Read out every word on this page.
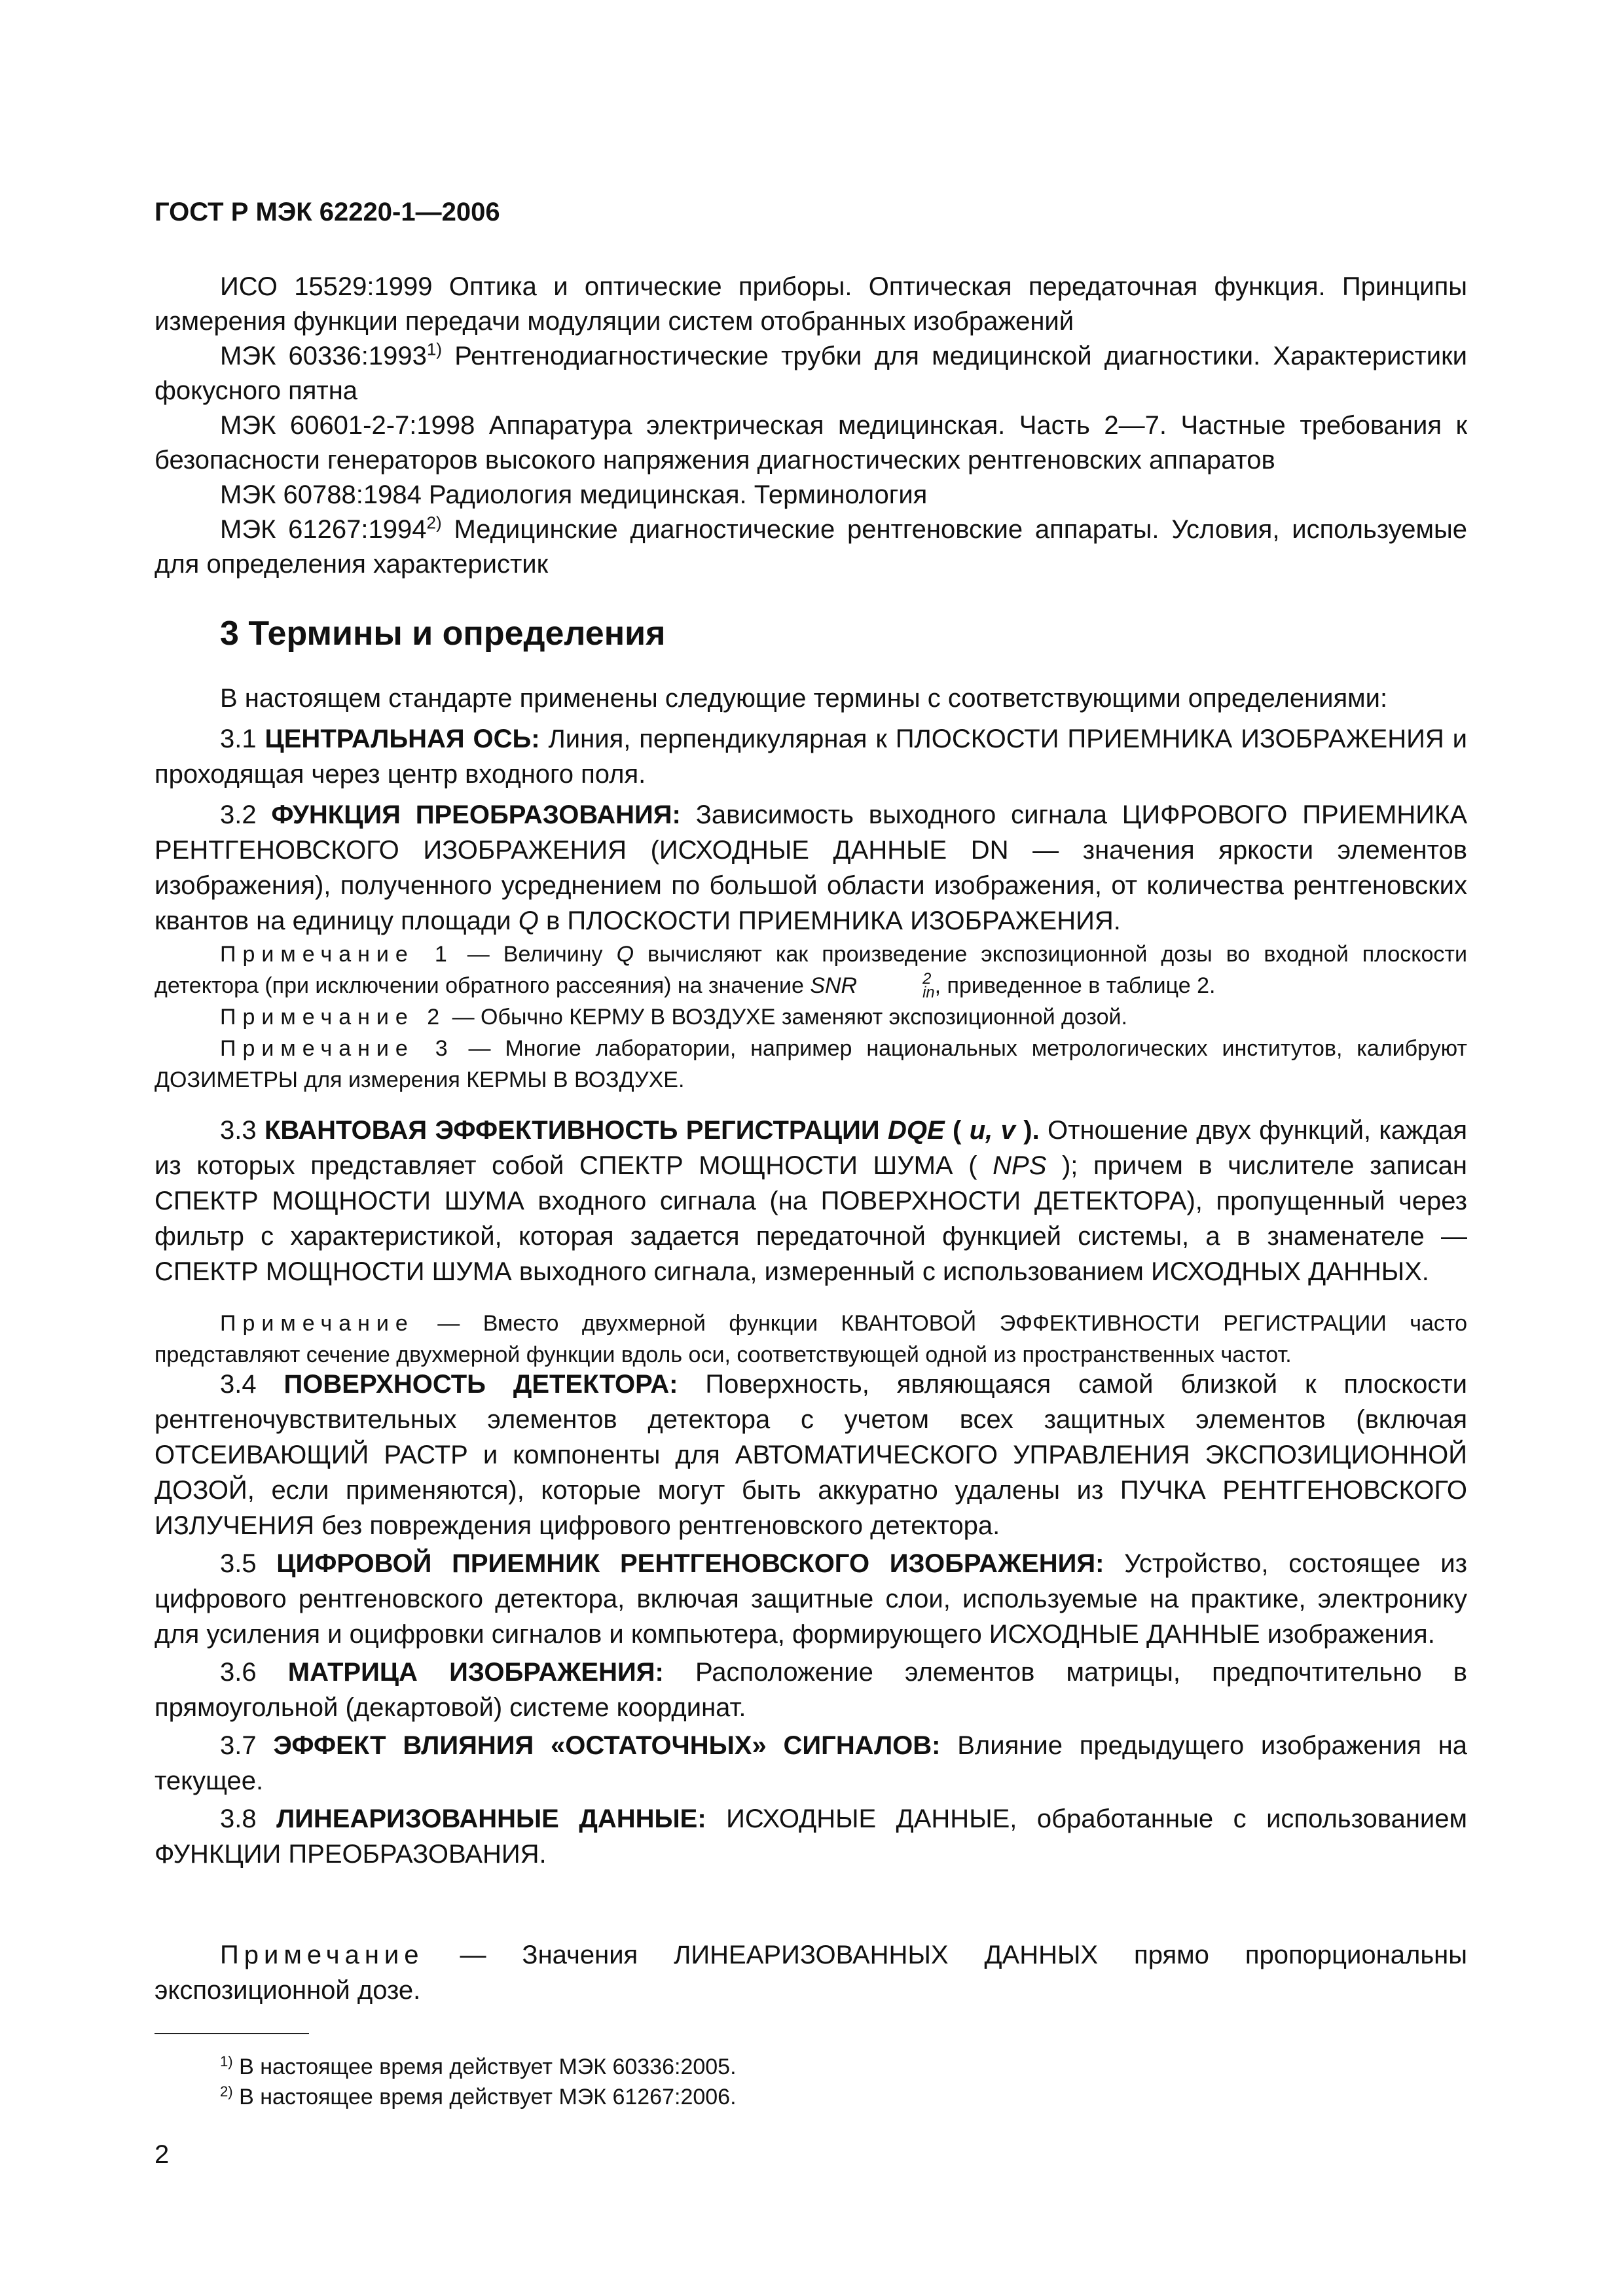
ГОСТ Р МЭК 62220-1—2006
ИСО 15529:1999 Оптика и оптические приборы. Оптическая передаточная функция. Принципы измерения функции передачи модуляции систем отобранных изображений
МЭК 60336:1993$^{1)}$ Рентгенодиагностические трубки для медицинской диагностики. Характеристики фокусного пятна
МЭК 60601-2-7:1998 Аппаратура электрическая медицинская. Часть 2—7. Частные требования к безопасности генераторов высокого напряжения диагностических рентгеновских аппаратов
МЭК 60788:1984 Радиология медицинская. Терминология
МЭК 61267:1994$^{2)}$ Медицинские диагностические рентгеновские аппараты. Условия, используемые для определения характеристик
3 Термины и определения
В настоящем стандарте применены следующие термины с соответствующими определениями:
3.1 ЦЕНТРАЛЬНАЯ ОСЬ: Линия, перпендикулярная к ПЛОСКОСТИ ПРИЕМНИКА ИЗОБРАЖЕНИЯ и проходящая через центр входного поля.
3.2 ФУНКЦИЯ ПРЕОБРАЗОВАНИЯ: Зависимость выходного сигнала ЦИФРОВОГО ПРИЕМНИКА РЕНТГЕНОВСКОГО ИЗОБРАЖЕНИЯ (ИСХОДНЫЕ ДАННЫЕ DN — значения яркости элементов изображения), полученного усреднением по большой области изображения, от количества рентгеновских квантов на единицу площади Q в ПЛОСКОСТИ ПРИЕМНИКА ИЗОБРАЖЕНИЯ.
Примечание 1 — Величину Q вычисляют как произведение экспозиционной дозы во входной плоскости детектора (при исключении обратного рассеяния) на значение SNR	2
in , приведенное в таблице 2.
Примечание 2 — Обычно КЕРМУ В ВОЗДУХЕ заменяют экспозиционной дозой.
Примечание 3 — Многие лаборатории, например национальных метрологических институтов, калибруют ДОЗИМЕТРЫ для измерения КЕРМЫ В ВОЗДУХЕ.
3.3 КВАНТОВАЯ ЭФФЕКТИВНОСТЬ РЕГИСТРАЦИИ DQE ( u, v ). Отношение двух функций, каждая из которых представляет собой СПЕКТР МОЩНОСТИ ШУМА ( NPS ); причем в числителе записан СПЕКТР МОЩНОСТИ ШУМА входного сигнала (на ПОВЕРХНОСТИ ДЕТЕКТОРА), пропущенный через фильтр с характеристикой, которая задается передаточной функцией системы, а в знаменателе — СПЕКТР МОЩНОСТИ ШУМА выходного сигнала, измеренный с использованием ИСХОДНЫХ ДАННЫХ.
Примечание — Вместо двухмерной функции КВАНТОВОЙ ЭФФЕКТИВНОСТИ РЕГИСТРАЦИИ часто представляют сечение двухмерной функции вдоль оси, соответствующей одной из пространственных частот.
3.4 ПОВЕРХНОСТЬ ДЕТЕКТОРА: Поверхность, являющаяся самой близкой к плоскости рентгеночувствительных элементов детектора с учетом всех защитных элементов (включая ОТСЕИВАЮЩИЙ РАСТР и компоненты для АВТОМАТИЧЕСКОГО УПРАВЛЕНИЯ ЭКСПОЗИЦИОННОЙ ДОЗОЙ, если применяются), которые могут быть аккуратно удалены из ПУЧКА РЕНТГЕНОВСКОГО ИЗЛУЧЕНИЯ без повреждения цифрового рентгеновского детектора.
3.5 ЦИФРОВОЙ ПРИЕМНИК РЕНТГЕНОВСКОГО ИЗОБРАЖЕНИЯ: Устройство, состоящее из цифрового рентгеновского детектора, включая защитные слои, используемые на практике, электронику для усиления и оцифровки сигналов и компьютера, формирующего ИСХОДНЫЕ ДАННЫЕ изображения.
3.6 МАТРИЦА ИЗОБРАЖЕНИЯ: Расположение элементов матрицы, предпочтительно в прямоугольной (декартовой) системе координат.
3.7 ЭФФЕКТ ВЛИЯНИЯ «ОСТАТОЧНЫХ» СИГНАЛОВ: Влияние предыдущего изображения на текущее.
3.8 ЛИНЕАРИЗОВАННЫЕ ДАННЫЕ: ИСХОДНЫЕ ДАННЫЕ, обработанные с использованием ФУНКЦИИ ПРЕОБРАЗОВАНИЯ.
Примечание — Значения ЛИНЕАРИЗОВАННЫХ ДАННЫХ прямо пропорциональны экспозиционной дозе.
$^{1)}$ В настоящее время действует МЭК 60336:2005.
$^{2)}$ В настоящее время действует МЭК 61267:2006.
2
